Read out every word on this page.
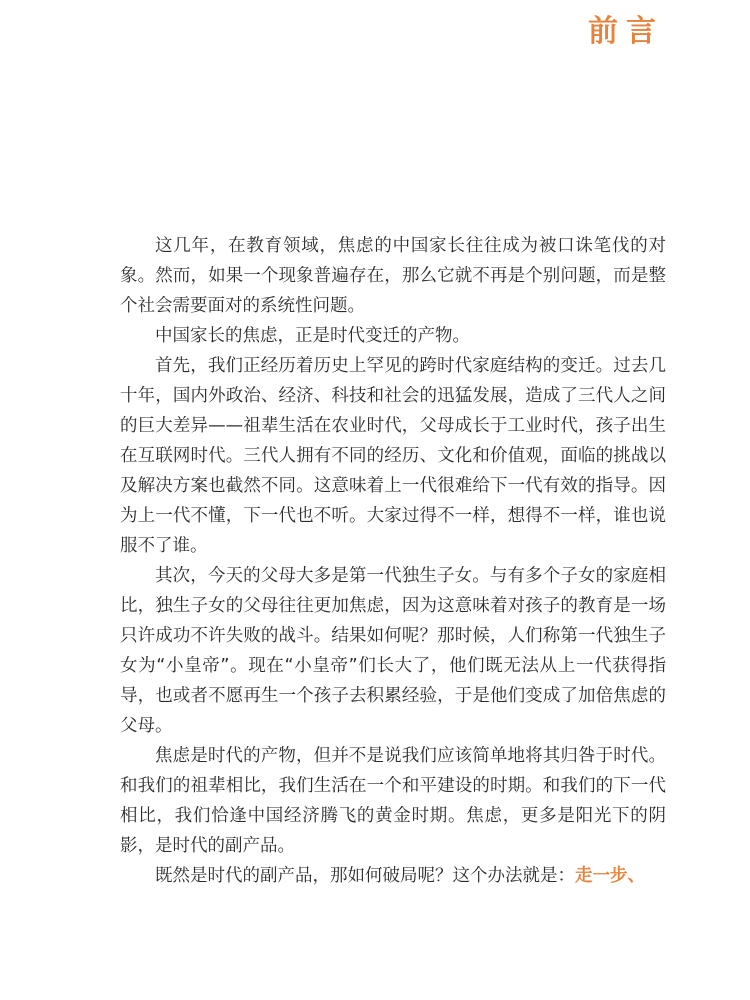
前言

这几年，在教育领域，焦虑的中国家长往往成为被口诛笔伐的对象。然而，如果一个现象普遍存在，那么它就不再是个别问题，而是整个社会需要面对的系统性问题。

中国家长的焦虑，正是时代变迁的产物。

首先，我们正经历着历史上罕见的跨时代家庭结构的变迁。过去几十年，国内外政治、经济、科技和社会的迅猛发展，造成了三代人之间的巨大差异——祖辈生活在农业时代，父母成长于工业时代，孩子出生在互联网时代。三代人拥有不同的经历、文化和价值观，面临的挑战以及解决方案也截然不同。这意味着上一代很难给下一代有效的指导。因为上一代不懂，下一代也不听。大家过得不一样，想得不一样，谁也说服不了谁。

其次，今天的父母大多是第一代独生子女。与有多个子女的家庭相比，独生子女的父母往往更加焦虑，因为这意味着对孩子的教育是一场只许成功不许失败的战斗。结果如何呢？那时候，人们称第一代独生子女为“小皇帝”。现在“小皇帝”们长大了，他们既无法从上一代获得指导，也或者不愿再生一个孩子去积累经验，于是他们变成了加倍焦虑的父母。

焦虑是时代的产物，但并不是说我们应该简单地将其归咎于时代。和我们的祖辈相比，我们生活在一个和平建设的时期。和我们的下一代相比，我们恰逢中国经济腾飞的黄金时期。焦虑，更多是阳光下的阴影，是时代的副产品。

既然是时代的副产品，那如何破局呢？这个办法就是：走一步、
